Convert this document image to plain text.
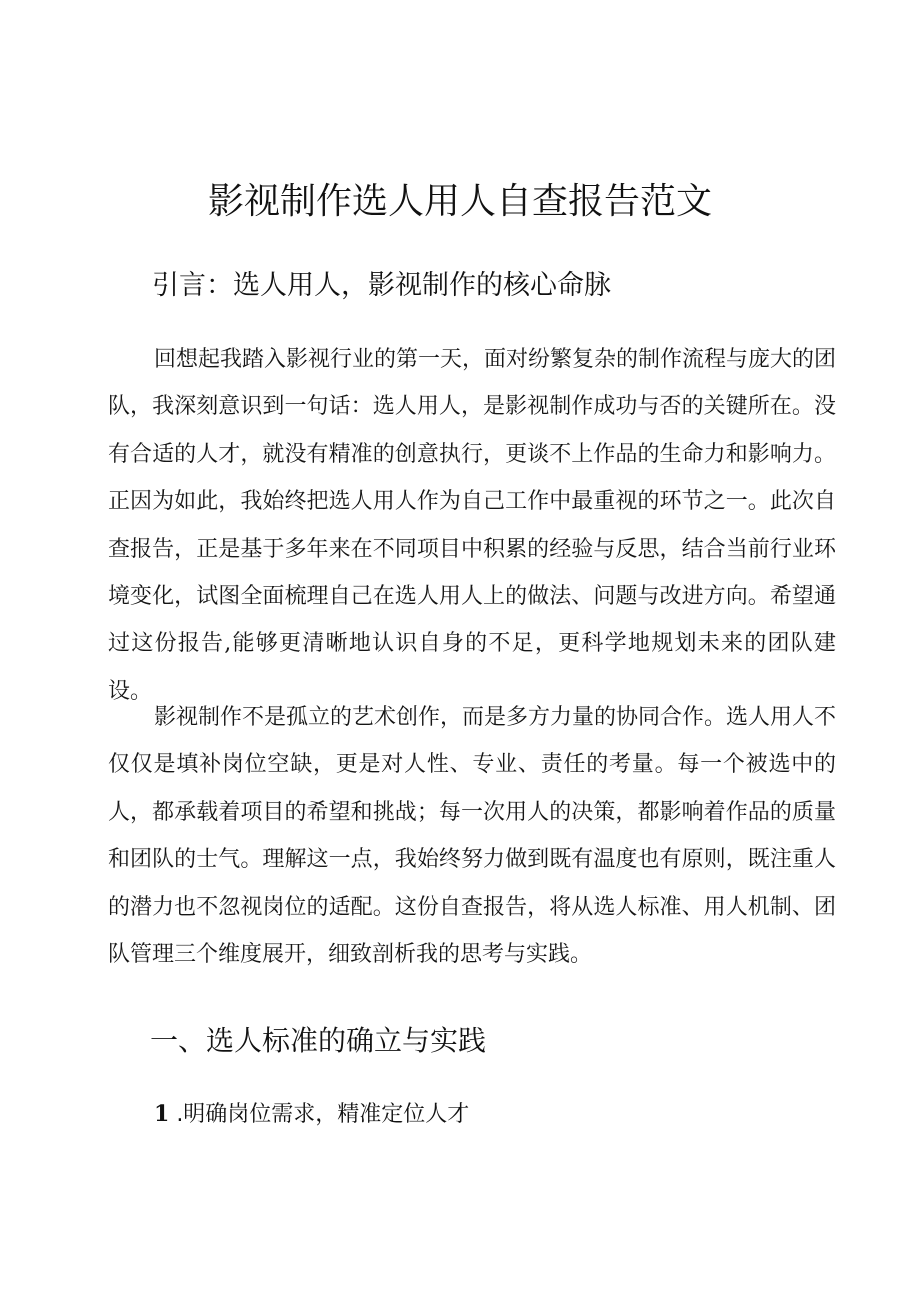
影视制作选人用人自查报告范文
引言：选人用人，影视制作的核心命脉

回想起我踏入影视行业的第一天，面对纷繁复杂的制作流程与庞大的团队，我深刻意识到一句话：选人用人，是影视制作成功与否的关键所在。没有合适的人才，就没有精准的创意执行，更谈不上作品的生命力和影响力。正因为如此，我始终把选人用人作为自己工作中最重视的环节之一。此次自查报告，正是基于多年来在不同项目中积累的经验与反思，结合当前行业环境变化，试图全面梳理自己在选人用人上的做法、问题与改进方向。希望通过这份报告,能够更清晰地认识自身的不足，更科学地规划未来的团队建设。

影视制作不是孤立的艺术创作，而是多方力量的协同合作。选人用人不仅仅是填补岗位空缺，更是对人性、专业、责任的考量。每一个被选中的人，都承载着项目的希望和挑战；每一次用人的决策，都影响着作品的质量和团队的士气。理解这一点，我始终努力做到既有温度也有原则，既注重人的潜力也不忽视岗位的适配。这份自查报告，将从选人标准、用人机制、团队管理三个维度展开，细致剖析我的思考与实践。

一、选人标准的确立与实践
1 .明确岗位需求，精准定位人才
